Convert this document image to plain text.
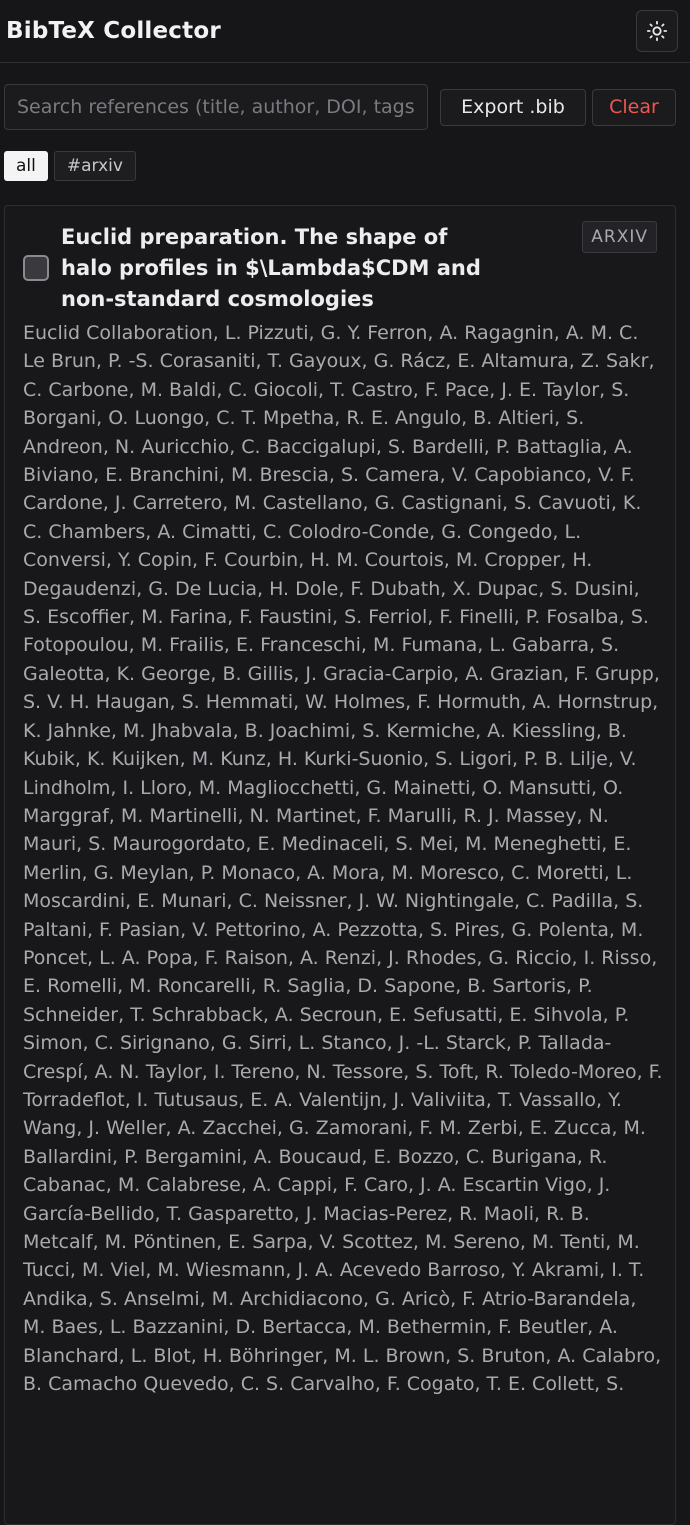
BibTeX Collector
Search references (title, author, DOI, tags...)
Export .bib	Clear
all	#arxiv
Euclid preparation. The shape of halo profiles in $\Lambda$CDM and non-standard cosmologies
ARXIV
Euclid Collaboration, L. Pizzuti, G. Y. Ferron, A. Ragagnin, A. M. C. Le Brun, P. -S. Corasaniti, T. Gayoux, G. Rácz, E. Altamura, Z. Sakr, C. Carbone, M. Baldi, C. Giocoli, T. Castro, F. Pace, J. E. Taylor, S. Borgani, O. Luongo, C. T. Mpetha, R. E. Angulo, B. Altieri, S. Andreon, N. Auricchio, C. Baccigalupi, S. Bardelli, P. Battaglia, A. Biviano, E. Branchini, M. Brescia, S. Camera, V. Capobianco, V. F. Cardone, J. Carretero, M. Castellano, G. Castignani, S. Cavuoti, K. C. Chambers, A. Cimatti, C. Colodro-Conde, G. Congedo, L. Conversi, Y. Copin, F. Courbin, H. M. Courtois, M. Cropper, H. Degaudenzi, G. De Lucia, H. Dole, F. Dubath, X. Dupac, S. Dusini, S. Escoffier, M. Farina, F. Faustini, S. Ferriol, F. Finelli, P. Fosalba, S. Fotopoulou, M. Frailis, E. Franceschi, M. Fumana, L. Gabarra, S. Galeotta, K. George, B. Gillis, J. Gracia-Carpio, A. Grazian, F. Grupp, S. V. H. Haugan, S. Hemmati, W. Holmes, F. Hormuth, A. Hornstrup, K. Jahnke, M. Jhabvala, B. Joachimi, S. Kermiche, A. Kiessling, B. Kubik, K. Kuijken, M. Kunz, H. Kurki-Suonio, S. Ligori, P. B. Lilje, V. Lindholm, I. Lloro, M. Magliocchetti, G. Mainetti, O. Mansutti, O. Marggraf, M. Martinelli, N. Martinet, F. Marulli, R. J. Massey, N. Mauri, S. Maurogordato, E. Medinaceli, S. Mei, M. Meneghetti, E. Merlin, G. Meylan, P. Monaco, A. Mora, M. Moresco, C. Moretti, L. Moscardini, E. Munari, C. Neissner, J. W. Nightingale, C. Padilla, S. Paltani, F. Pasian, V. Pettorino, A. Pezzotta, S. Pires, G. Polenta, M. Poncet, L. A. Popa, F. Raison, A. Renzi, J. Rhodes, G. Riccio, I. Risso, E. Romelli, M. Roncarelli, R. Saglia, D. Sapone, B. Sartoris, P. Schneider, T. Schrabback, A. Secroun, E. Sefusatti, E. Sihvola, P. Simon, C. Sirignano, G. Sirri, L. Stanco, J. -L. Starck, P. Tallada-Crespí, A. N. Taylor, I. Tereno, N. Tessore, S. Toft, R. Toledo-Moreo, F. Torradeflot, I. Tutusaus, E. A. Valentijn, J. Valiviita, T. Vassallo, Y. Wang, J. Weller, A. Zacchei, G. Zamorani, F. M. Zerbi, E. Zucca, M. Ballardini, P. Bergamini, A. Boucaud, E. Bozzo, C. Burigana, R. Cabanac, M. Calabrese, A. Cappi, F. Caro, J. A. Escartin Vigo, J. García-Bellido, T. Gasparetto, J. Macias-Perez, R. Maoli, R. B. Metcalf, M. Pöntinen, E. Sarpa, V. Scottez, M. Sereno, M. Tenti, M. Tucci, M. Viel, M. Wiesmann, J. A. Acevedo Barroso, Y. Akrami, I. T. Andika, S. Anselmi, M. Archidiacono, G. Aricò, F. Atrio-Barandela, M. Baes, L. Bazzanini, D. Bertacca, M. Bethermin, F. Beutler, A. Blanchard, L. Blot, H. Böhringer, M. L. Brown, S. Bruton, A. Calabro, B. Camacho Quevedo, C. S. Carvalho, F. Cogato, T. E. Collett, S.
